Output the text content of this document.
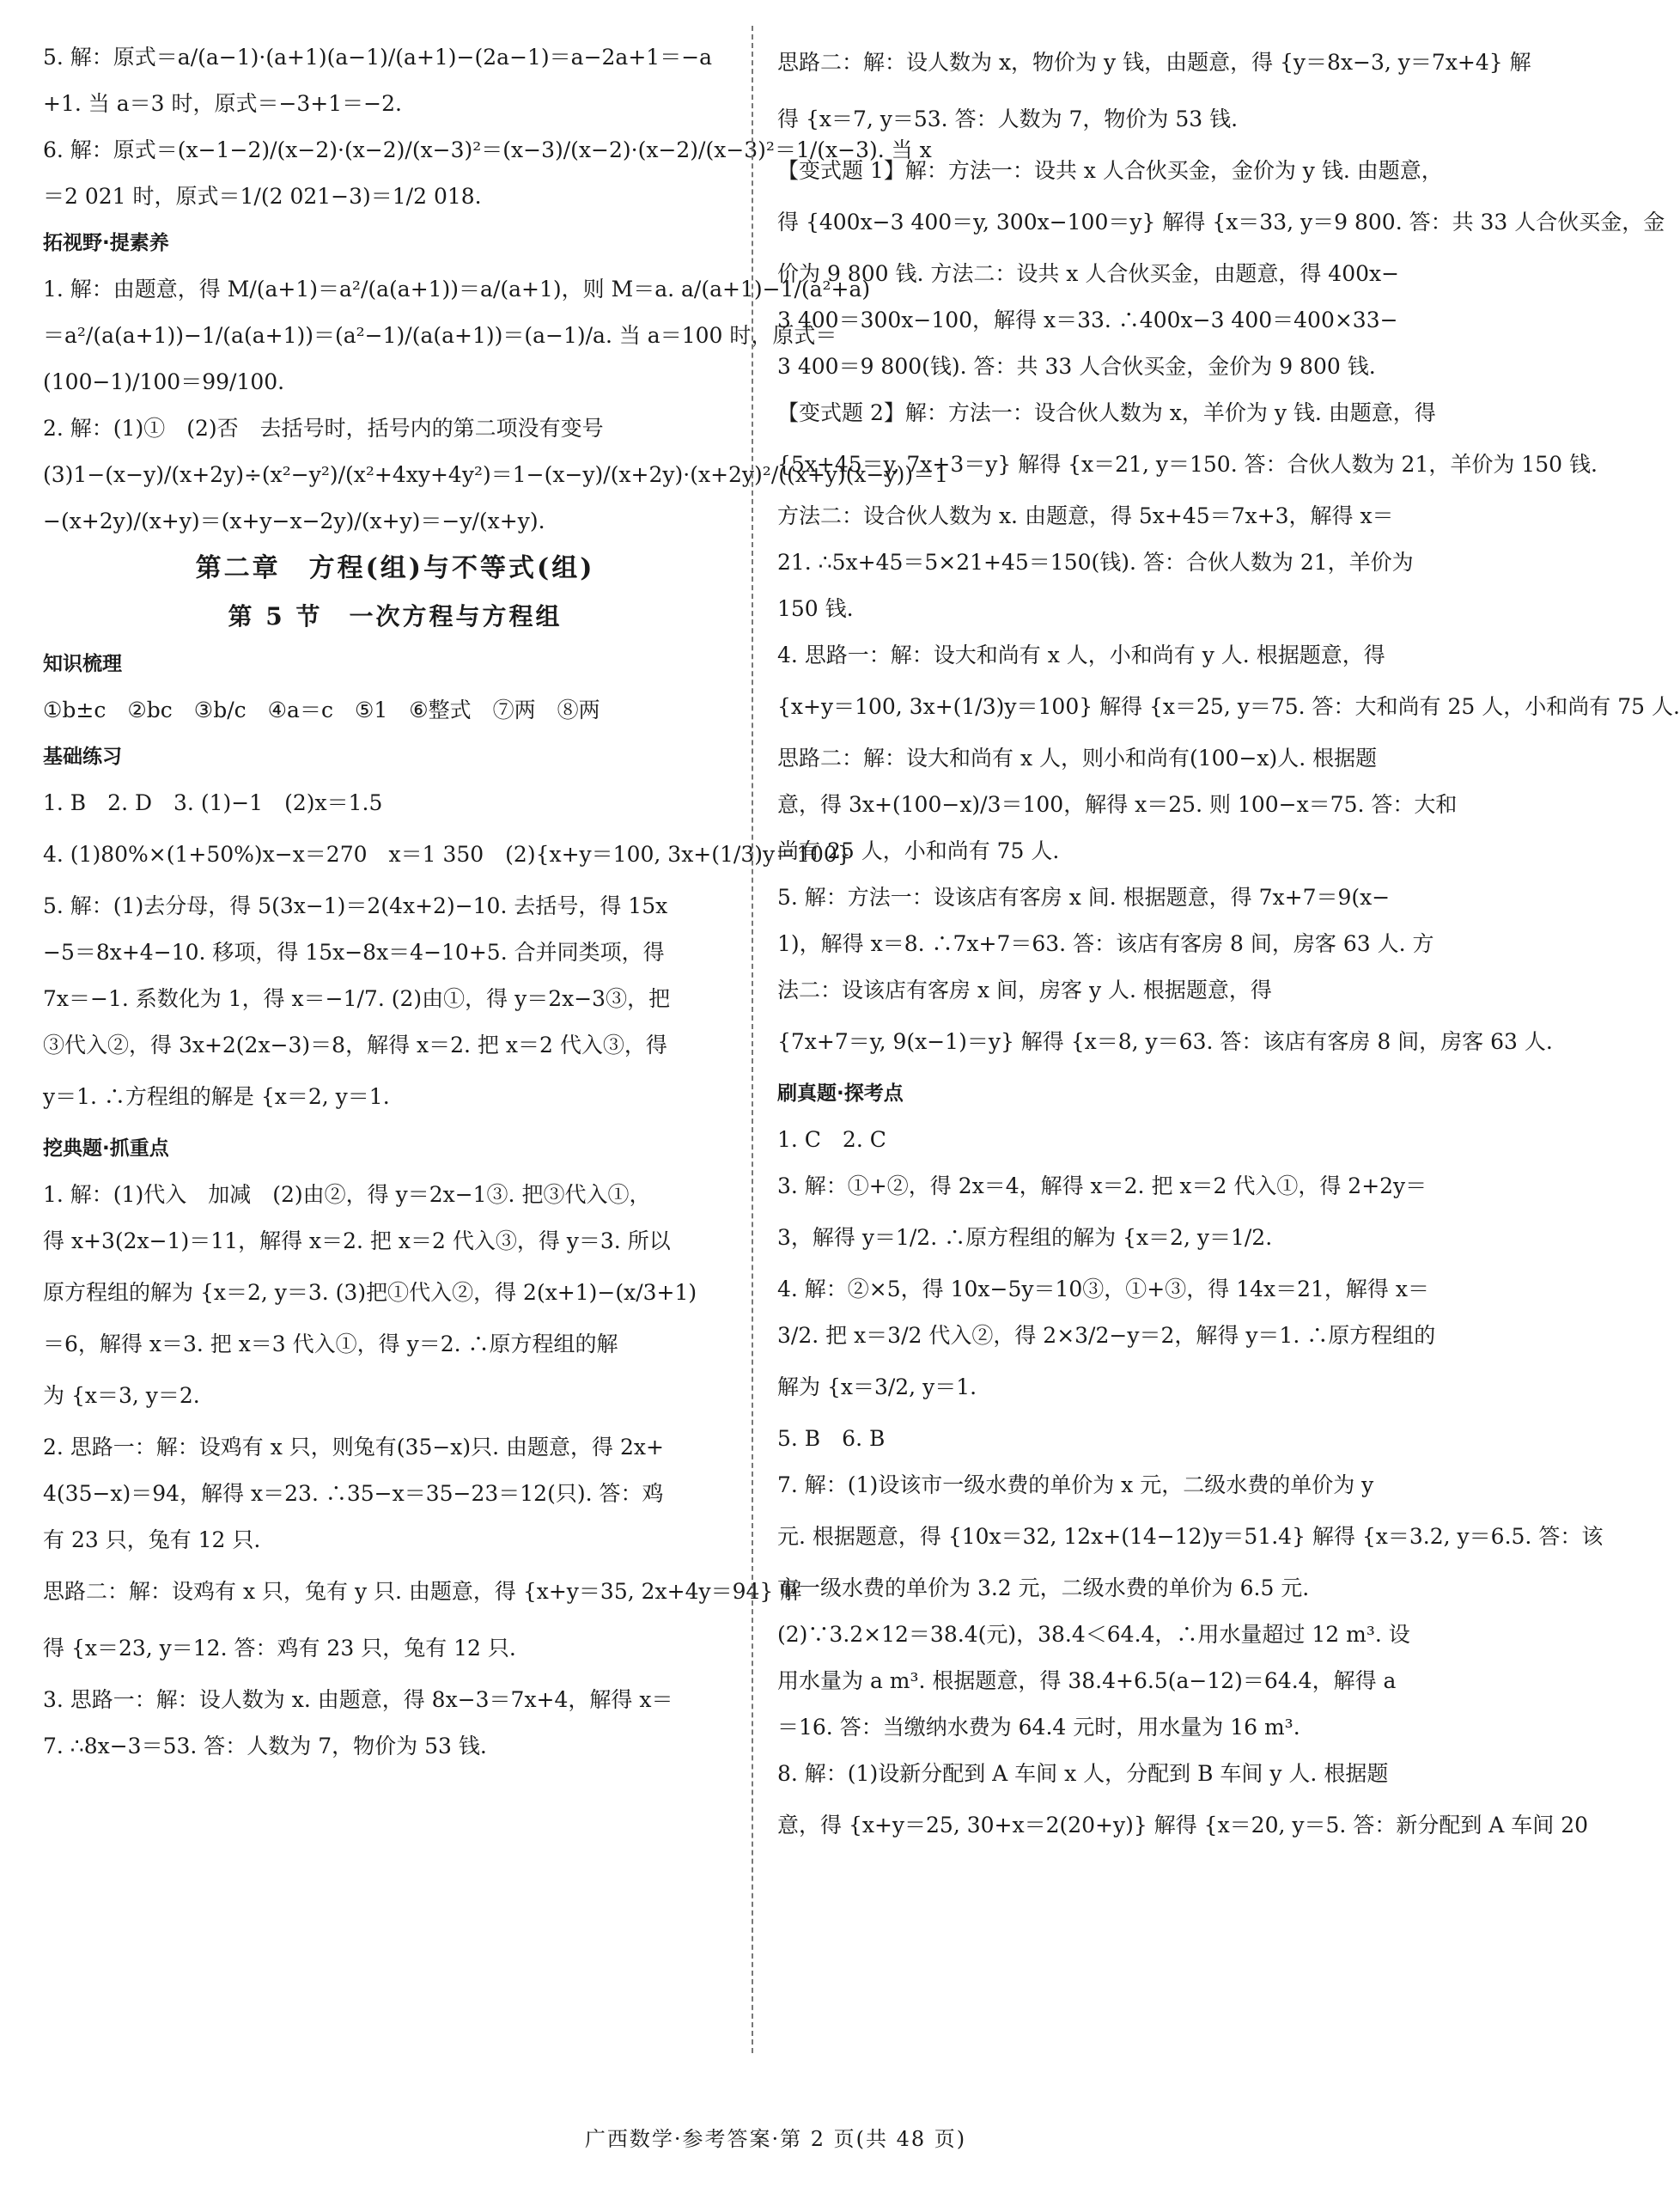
5. 解：原式＝a/(a−1)·(a+1)(a−1)/(a+1)−(2a−1)＝a−2a+1＝−a
+1. 当 a＝3 时，原式＝−3+1＝−2.
6. 解：原式＝(x−1−2)/(x−2)·(x−2)/(x−3)²＝(x−3)/(x−2)·(x−2)/(x−3)²＝1/(x−3). 当 x
＝2 021 时，原式＝1/(2 021−3)＝1/2 018.
拓视野·提素养
1. 解：由题意，得 M/(a+1)＝a²/(a(a+1))＝a/(a+1)，则 M＝a. a/(a+1)−1/(a²+a)
＝a²/(a(a+1))−1/(a(a+1))＝(a²−1)/(a(a+1))＝(a−1)/a. 当 a＝100 时，原式＝
(100−1)/100＝99/100.
2. 解：(1)①　(2)否　去括号时，括号内的第二项没有变号
(3)1−(x−y)/(x+2y)÷(x²−y²)/(x²+4xy+4y²)＝1−(x−y)/(x+2y)·(x+2y)²/((x+y)(x−y))＝1
−(x+2y)/(x+y)＝(x+y−x−2y)/(x+y)＝−y/(x+y).
第二章　方程(组)与不等式(组)
第 5 节　一次方程与方程组
知识梳理
①b±c　②bc　③b/c　④a＝c　⑤1　⑥整式　⑦两　⑧两
基础练习
1. B　2. D　3. (1)−1　(2)x＝1.5
4. (1)80%×(1+50%)x−x＝270　x＝1 350　(2){x+y＝100, 3x+(1/3)y＝100}
5. 解：(1)去分母，得 5(3x−1)＝2(4x+2)−10. 去括号，得 15x
−5＝8x+4−10. 移项，得 15x−8x＝4−10+5. 合并同类项，得
7x＝−1. 系数化为 1，得 x＝−1/7. (2)由①，得 y＝2x−3③，把
③代入②，得 3x+2(2x−3)＝8，解得 x＝2. 把 x＝2 代入③，得
y＝1. ∴方程组的解是 {x＝2, y＝1.
挖典题·抓重点
1. 解：(1)代入　加减　(2)由②，得 y＝2x−1③. 把③代入①，
得 x+3(2x−1)＝11，解得 x＝2. 把 x＝2 代入③，得 y＝3. 所以
原方程组的解为 {x＝2, y＝3. (3)把①代入②，得 2(x+1)−(x/3+1)
＝6，解得 x＝3. 把 x＝3 代入①，得 y＝2. ∴原方程组的解
为 {x＝3, y＝2.
2. 思路一：解：设鸡有 x 只，则兔有(35−x)只. 由题意，得 2x+
4(35−x)＝94，解得 x＝23. ∴35−x＝35−23＝12(只). 答：鸡
有 23 只，兔有 12 只.
思路二：解：设鸡有 x 只，兔有 y 只. 由题意，得 {x+y＝35, 2x+4y＝94} 解
得 {x＝23, y＝12. 答：鸡有 23 只，兔有 12 只.
3. 思路一：解：设人数为 x. 由题意，得 8x−3＝7x+4，解得 x＝
7. ∴8x−3＝53. 答：人数为 7，物价为 53 钱.
思路二：解：设人数为 x，物价为 y 钱，由题意，得 {y＝8x−3, y＝7x+4} 解
得 {x＝7, y＝53. 答：人数为 7，物价为 53 钱.
【变式题 1】解：方法一：设共 x 人合伙买金，金价为 y 钱. 由题意，
得 {400x−3 400＝y, 300x−100＝y} 解得 {x＝33, y＝9 800. 答：共 33 人合伙买金，金
价为 9 800 钱. 方法二：设共 x 人合伙买金，由题意，得 400x−
3 400＝300x−100，解得 x＝33. ∴400x−3 400＝400×33−
3 400＝9 800(钱). 答：共 33 人合伙买金，金价为 9 800 钱.
【变式题 2】解：方法一：设合伙人数为 x，羊价为 y 钱. 由题意，得
{5x+45＝y, 7x+3＝y} 解得 {x＝21, y＝150. 答：合伙人数为 21，羊价为 150 钱.
方法二：设合伙人数为 x. 由题意，得 5x+45＝7x+3，解得 x＝
21. ∴5x+45＝5×21+45＝150(钱). 答：合伙人数为 21，羊价为
150 钱.
4. 思路一：解：设大和尚有 x 人，小和尚有 y 人. 根据题意，得
{x+y＝100, 3x+(1/3)y＝100} 解得 {x＝25, y＝75. 答：大和尚有 25 人，小和尚有 75 人.
思路二：解：设大和尚有 x 人，则小和尚有(100−x)人. 根据题
意，得 3x+(100−x)/3＝100，解得 x＝25. 则 100−x＝75. 答：大和
尚有 25 人，小和尚有 75 人.
5. 解：方法一：设该店有客房 x 间. 根据题意，得 7x+7＝9(x−
1)，解得 x＝8. ∴7x+7＝63. 答：该店有客房 8 间，房客 63 人. 方
法二：设该店有客房 x 间，房客 y 人. 根据题意，得
{7x+7＝y, 9(x−1)＝y} 解得 {x＝8, y＝63. 答：该店有客房 8 间，房客 63 人.
刷真题·探考点
1. C　2. C
3. 解：①+②，得 2x＝4，解得 x＝2. 把 x＝2 代入①，得 2+2y＝
3，解得 y＝1/2. ∴原方程组的解为 {x＝2, y＝1/2.
4. 解：②×5，得 10x−5y＝10③，①+③，得 14x＝21，解得 x＝
3/2. 把 x＝3/2 代入②，得 2×3/2−y＝2，解得 y＝1. ∴原方程组的
解为 {x＝3/2, y＝1.
5. B　6. B
7. 解：(1)设该市一级水费的单价为 x 元，二级水费的单价为 y
元. 根据题意，得 {10x＝32, 12x+(14−12)y＝51.4} 解得 {x＝3.2, y＝6.5. 答：该
市一级水费的单价为 3.2 元，二级水费的单价为 6.5 元.
(2)∵3.2×12＝38.4(元)，38.4＜64.4，∴用水量超过 12 m³. 设
用水量为 a m³. 根据题意，得 38.4+6.5(a−12)＝64.4，解得 a
＝16. 答：当缴纳水费为 64.4 元时，用水量为 16 m³.
8. 解：(1)设新分配到 A 车间 x 人，分配到 B 车间 y 人. 根据题
意，得 {x+y＝25, 30+x＝2(20+y)} 解得 {x＝20, y＝5. 答：新分配到 A 车间 20
广西数学·参考答案·第 2 页(共 48 页)
